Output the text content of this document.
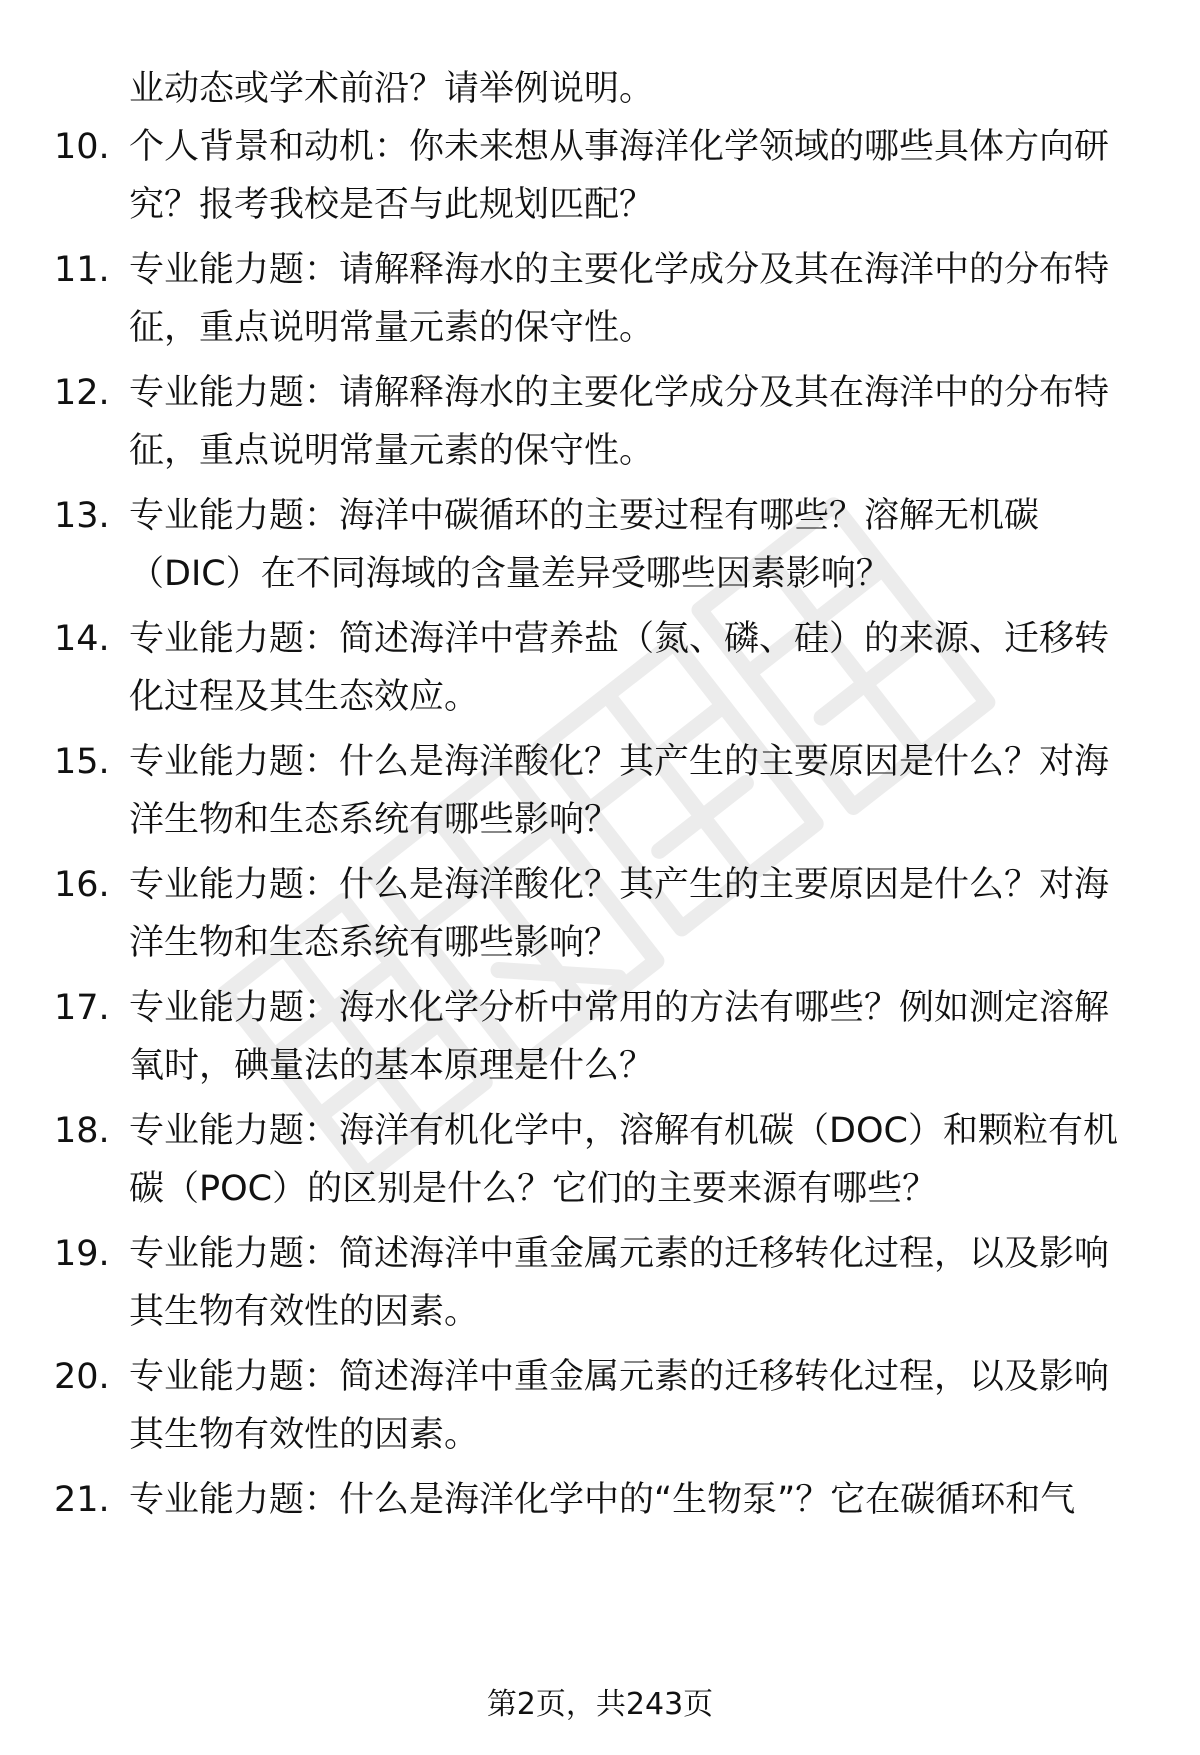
业动态或学术前沿？请举例说明。
10. 个人背景和动机：你未来想从事海洋化学领域的哪些具体方向研
究？报考我校是否与此规划匹配？
11. 专业能力题：请解释海水的主要化学成分及其在海洋中的分布特
征，重点说明常量元素的保守性。
12. 专业能力题：请解释海水的主要化学成分及其在海洋中的分布特
征，重点说明常量元素的保守性。
13. 专业能力题：海洋中碳循环的主要过程有哪些？溶解无机碳
（DIC）在不同海域的含量差异受哪些因素影响？
14. 专业能力题：简述海洋中营养盐（氮、磷、硅）的来源、迁移转
化过程及其生态效应。
15. 专业能力题：什么是海洋酸化？其产生的主要原因是什么？对海
洋生物和生态系统有哪些影响？
16. 专业能力题：什么是海洋酸化？其产生的主要原因是什么？对海
洋生物和生态系统有哪些影响？
17. 专业能力题：海水化学分析中常用的方法有哪些？例如测定溶解
氧时，碘量法的基本原理是什么？
18. 专业能力题：海洋有机化学中，溶解有机碳（DOC）和颗粒有机
碳（POC）的区别是什么？它们的主要来源有哪些？
19. 专业能力题：简述海洋中重金属元素的迁移转化过程，以及影响
其生物有效性的因素。
20. 专业能力题：简述海洋中重金属元素的迁移转化过程，以及影响
其生物有效性的因素。
21. 专业能力题：什么是海洋化学中的“生物泵”？它在碳循环和气
第2页，共243页
